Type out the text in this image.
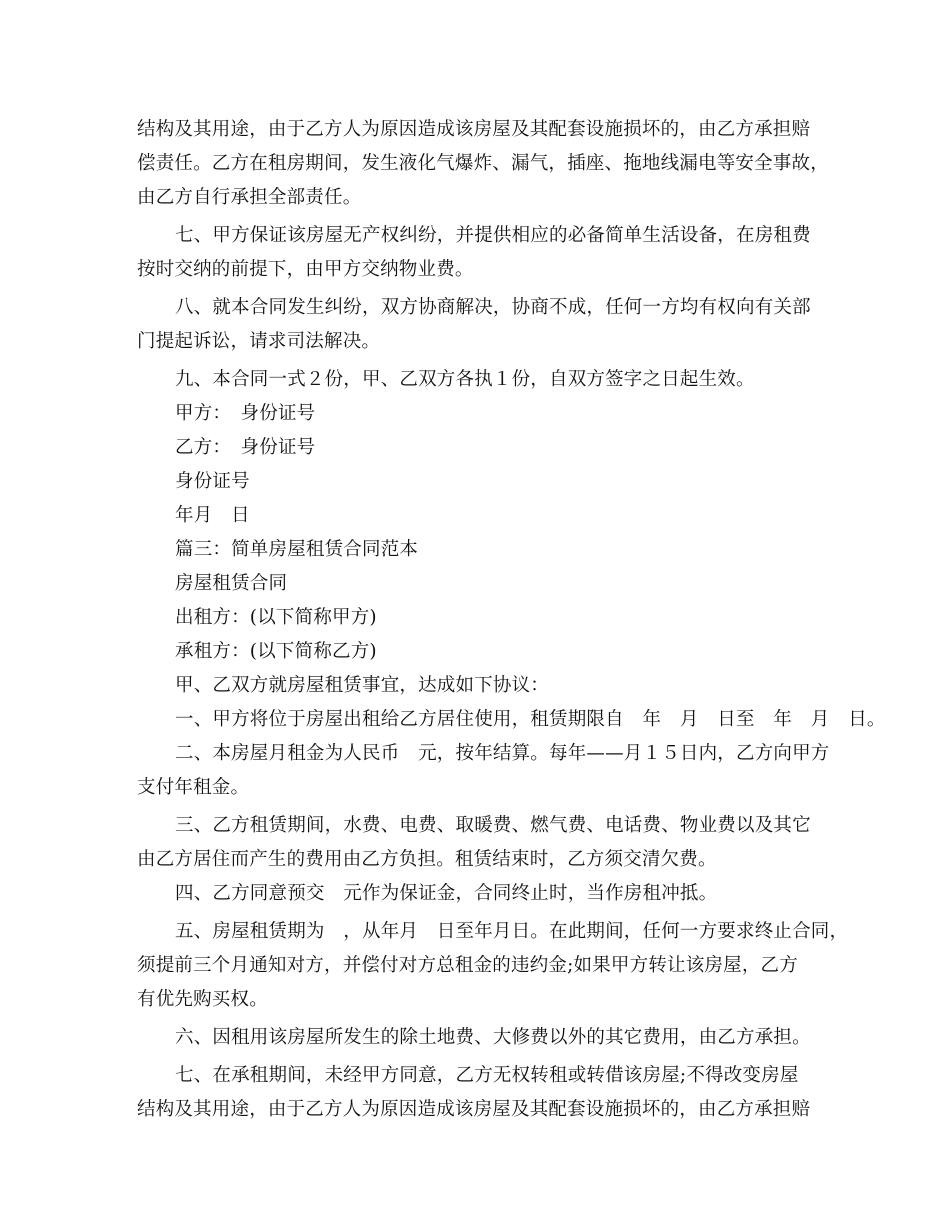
结构及其用途，由于乙方人为原因造成该房屋及其配套设施损坏的，由乙方承担赔

偿责任。乙方在租房期间，发生液化气爆炸、漏气，插座、拖地线漏电等安全事故，

由乙方自行承担全部责任。

七、甲方保证该房屋无产权纠纷，并提供相应的必备简单生活设备，在房租费

按时交纳的前提下，由甲方交纳物业费。

八、就本合同发生纠纷，双方协商解决，协商不成，任何一方均有权向有关部

门提起诉讼，请求司法解决。

九、本合同一式２份，甲、乙双方各执１份，自双方签字之日起生效。

甲方：　身份证号

乙方：　身份证号

身份证号

年月　日

篇三：简单房屋租赁合同范本

房屋租赁合同

出租方：(以下简称甲方)

承租方：(以下简称乙方)

甲、乙双方就房屋租赁事宜，达成如下协议：

一、甲方将位于房屋出租给乙方居住使用，租赁期限自　年　月　日至　年　月　日。

二、本房屋月租金为人民币　元，按年结算。每年——月１５日内，乙方向甲方

支付年租金。

三、乙方租赁期间，水费、电费、取暖费、燃气费、电话费、物业费以及其它

由乙方居住而产生的费用由乙方负担。租赁结束时，乙方须交清欠费。

四、乙方同意预交　元作为保证金，合同终止时，当作房租冲抵。

五、房屋租赁期为　，从年月　日至年月日。在此期间，任何一方要求终止合同，

须提前三个月通知对方，并偿付对方总租金的违约金;如果甲方转让该房屋，乙方

有优先购买权。

六、因租用该房屋所发生的除土地费、大修费以外的其它费用，由乙方承担。

七、在承租期间，未经甲方同意，乙方无权转租或转借该房屋;不得改变房屋

结构及其用途，由于乙方人为原因造成该房屋及其配套设施损坏的，由乙方承担赔
